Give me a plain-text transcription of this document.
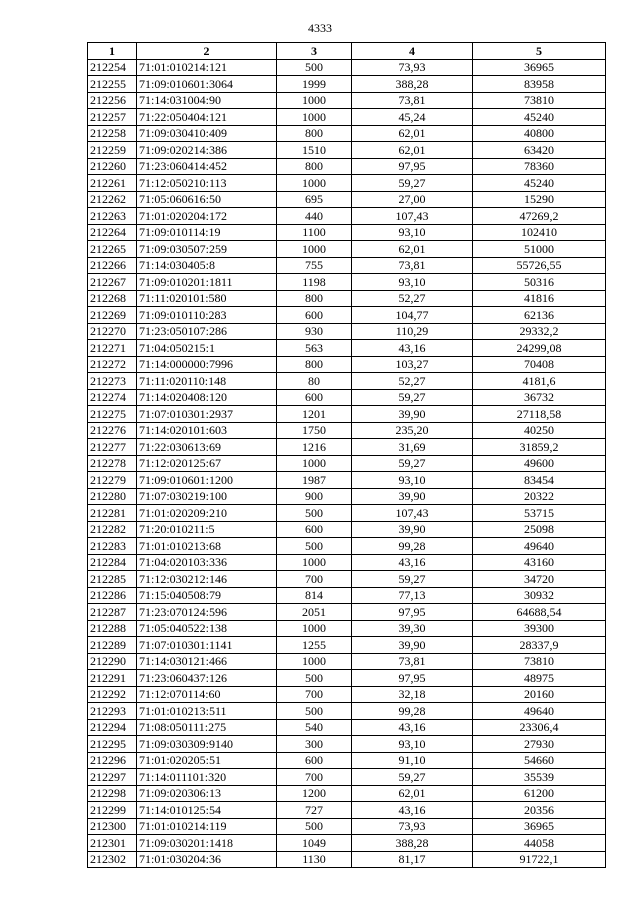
4333
1	2	3	4	5
212254	71:01:010214:121	500	73,93	36965
212255	71:09:010601:3064	1999	388,28	83958
212256	71:14:031004:90	1000	73,81	73810
212257	71:22:050404:121	1000	45,24	45240
212258	71:09:030410:409	800	62,01	40800
212259	71:09:020214:386	1510	62,01	63420
212260	71:23:060414:452	800	97,95	78360
212261	71:12:050210:113	1000	59,27	45240
212262	71:05:060616:50	695	27,00	15290
212263	71:01:020204:172	440	107,43	47269,2
212264	71:09:010114:19	1100	93,10	102410
212265	71:09:030507:259	1000	62,01	51000
212266	71:14:030405:8	755	73,81	55726,55
212267	71:09:010201:1811	1198	93,10	50316
212268	71:11:020101:580	800	52,27	41816
212269	71:09:010110:283	600	104,77	62136
212270	71:23:050107:286	930	110,29	29332,2
212271	71:04:050215:1	563	43,16	24299,08
212272	71:14:000000:7996	800	103,27	70408
212273	71:11:020110:148	80	52,27	4181,6
212274	71:14:020408:120	600	59,27	36732
212275	71:07:010301:2937	1201	39,90	27118,58
212276	71:14:020101:603	1750	235,20	40250
212277	71:22:030613:69	1216	31,69	31859,2
212278	71:12:020125:67	1000	59,27	49600
212279	71:09:010601:1200	1987	93,10	83454
212280	71:07:030219:100	900	39,90	20322
212281	71:01:020209:210	500	107,43	53715
212282	71:20:010211:5	600	39,90	25098
212283	71:01:010213:68	500	99,28	49640
212284	71:04:020103:336	1000	43,16	43160
212285	71:12:030212:146	700	59,27	34720
212286	71:15:040508:79	814	77,13	30932
212287	71:23:070124:596	2051	97,95	64688,54
212288	71:05:040522:138	1000	39,30	39300
212289	71:07:010301:1141	1255	39,90	28337,9
212290	71:14:030121:466	1000	73,81	73810
212291	71:23:060437:126	500	97,95	48975
212292	71:12:070114:60	700	32,18	20160
212293	71:01:010213:511	500	99,28	49640
212294	71:08:050111:275	540	43,16	23306,4
212295	71:09:030309:9140	300	93,10	27930
212296	71:01:020205:51	600	91,10	54660
212297	71:14:011101:320	700	59,27	35539
212298	71:09:020306:13	1200	62,01	61200
212299	71:14:010125:54	727	43,16	20356
212300	71:01:010214:119	500	73,93	36965
212301	71:09:030201:1418	1049	388,28	44058
212302	71:01:030204:36	1130	81,17	91722,1
